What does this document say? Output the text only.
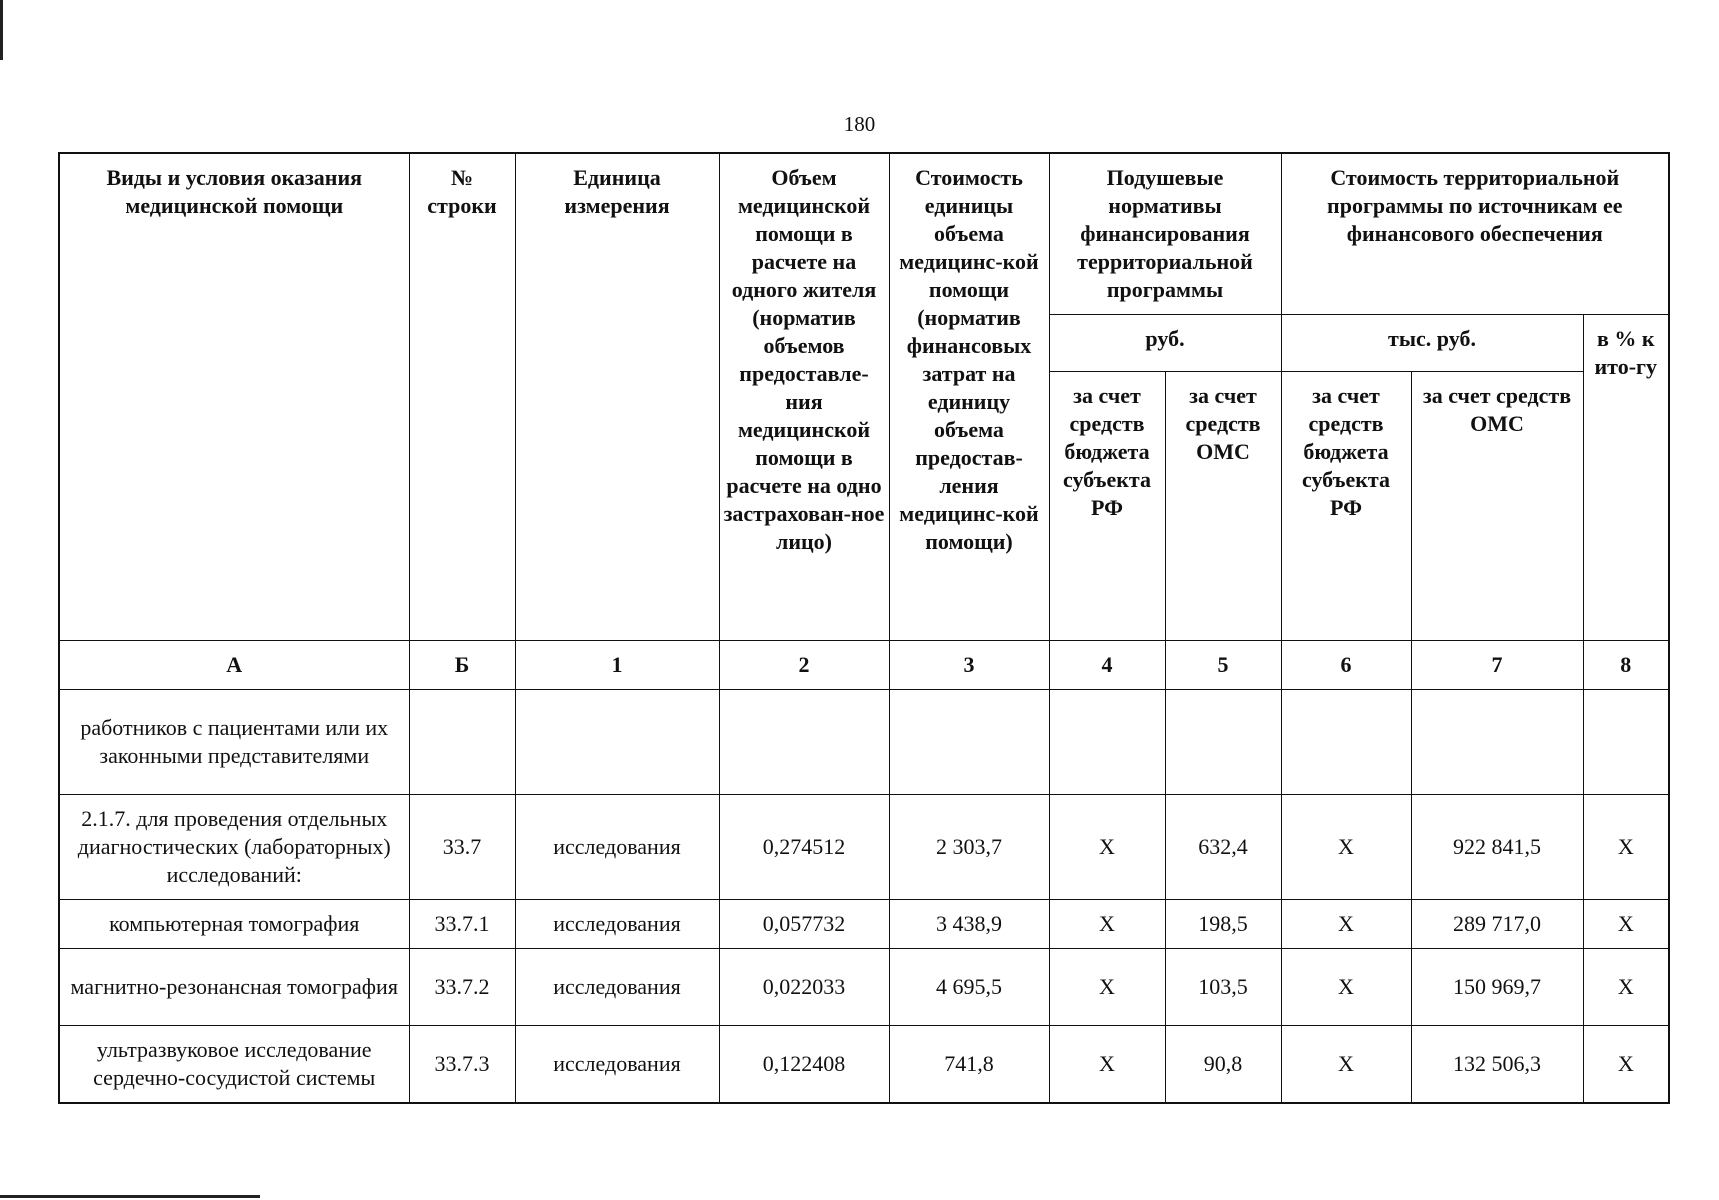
180
Виды и условия оказания медицинской помощи	№ строки	Единица измерения	Объем медицинской помощи в расчете на одного жителя (норматив объемов предоставле-ния медицинской помощи в расчете на одно застрахован-ное лицо)	Стоимость единицы объема медицинс-кой помощи (норматив финансовых затрат на единицу объема предостав-ления медицинс-кой помощи)	Подушевые нормативы финансирования территориальной программы		Стоимость территориальной программы по источникам ее финансового обеспечения		
					руб.		тыс. руб.		в % к ито-гу
					за счет средств бюджета субъекта РФ	за счет средств ОМС	за счет средств бюджета субъекта РФ	за счет средств ОМС	
А	Б	1	2	3	4	5	6	7	8
работников с пациентами или их законными представителями									
2.1.7. для проведения отдельных диагностических (лабораторных) исследований:	33.7	исследования	0,274512	2 303,7	X	632,4	X	922 841,5	X
компьютерная томография	33.7.1	исследования	0,057732	3 438,9	X	198,5	X	289 717,0	X
магнитно-резонансная томография	33.7.2	исследования	0,022033	4 695,5	X	103,5	X	150 969,7	X
ультразвуковое исследование сердечно-сосудистой системы	33.7.3	исследования	0,122408	741,8	X	90,8	X	132 506,3	X
